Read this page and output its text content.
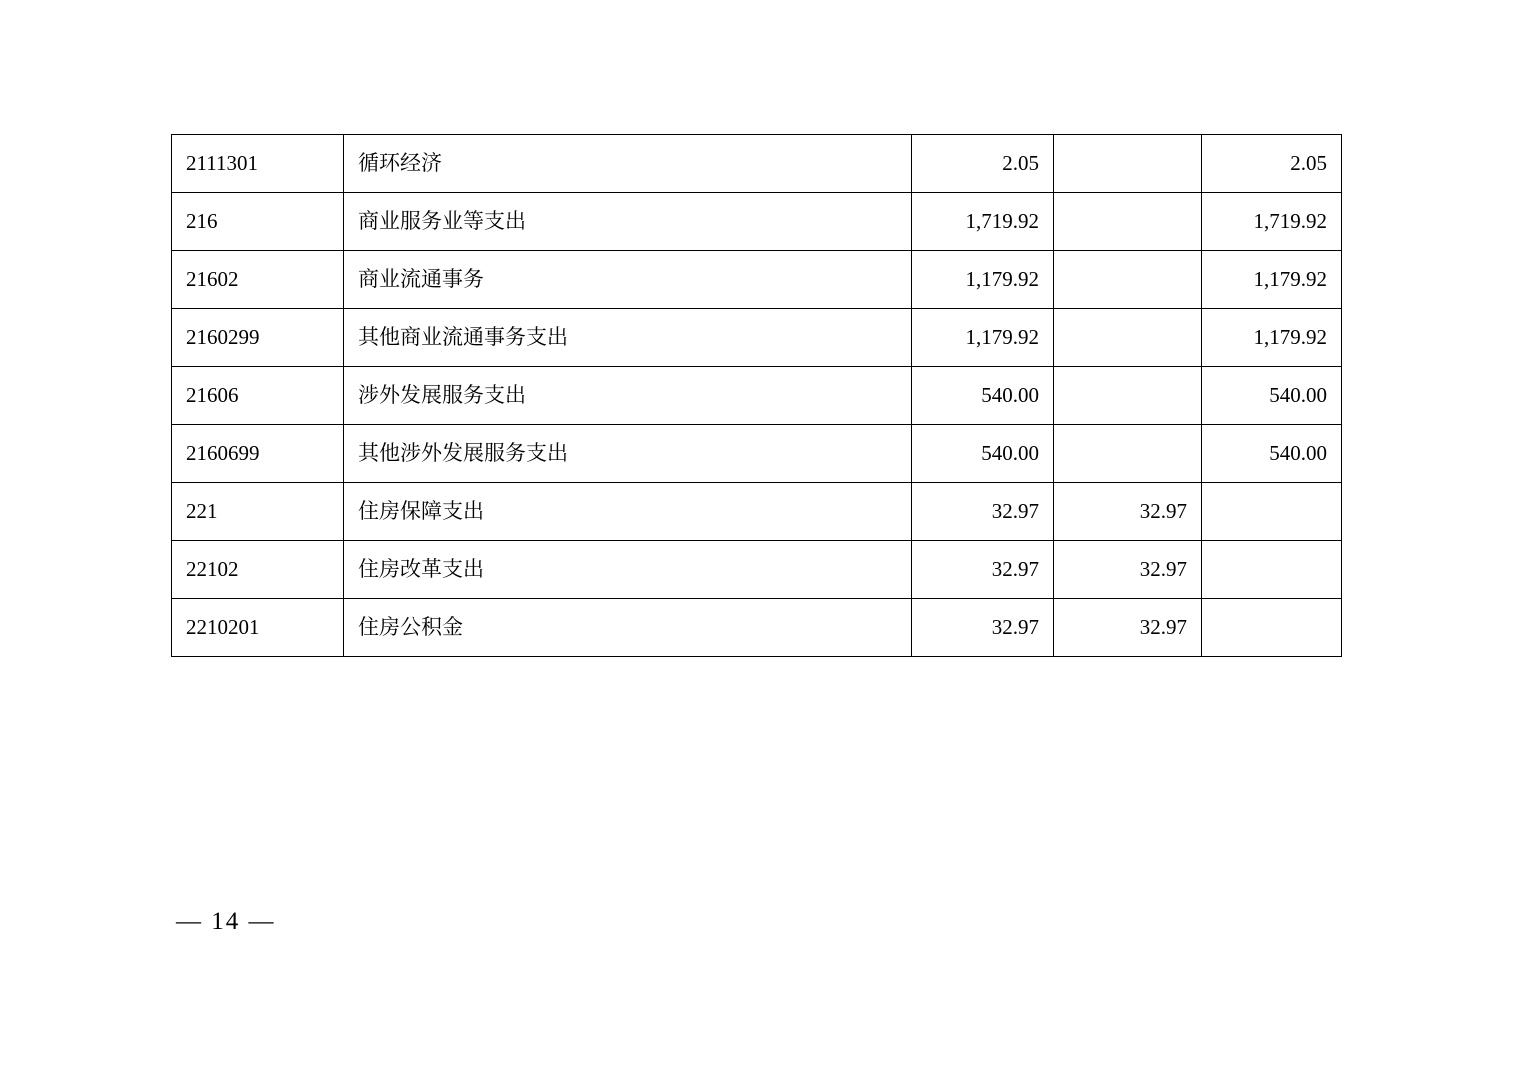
2111301	循环经济	2.05		2.05
216	商业服务业等支出	1,719.92		1,719.92
21602	商业流通事务	1,179.92		1,179.92
2160299	其他商业流通事务支出	1,179.92		1,179.92
21606	涉外发展服务支出	540.00		540.00
2160699	其他涉外发展服务支出	540.00		540.00
221	住房保障支出	32.97	32.97	
22102	住房改革支出	32.97	32.97	
2210201	住房公积金	32.97	32.97	
— 14 —
